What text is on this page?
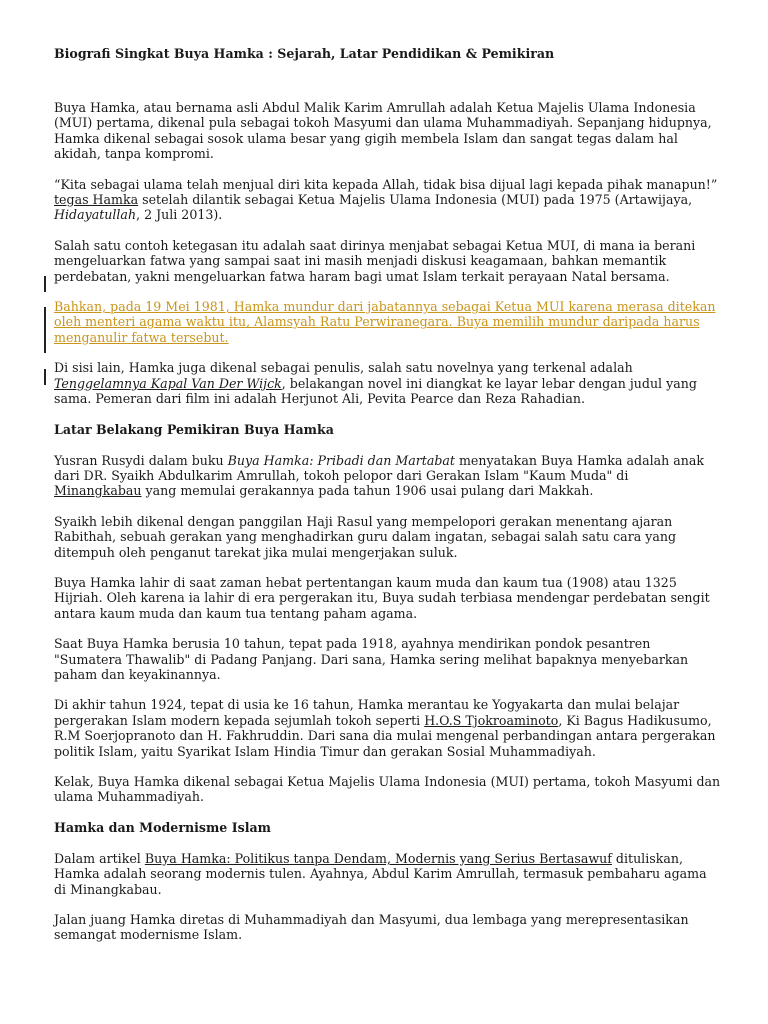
Biografi Singkat Buya Hamka : Sejarah, Latar Pendidikan & Pemikiran

Buya Hamka, atau bernama asli Abdul Malik Karim Amrullah adalah Ketua Majelis Ulama Indonesia

(MUI) pertama, dikenal pula sebagai tokoh Masyumi dan ulama Muhammadiyah. Sepanjang hidupnya,

Hamka dikenal sebagai sosok ulama besar yang gigih membela Islam dan sangat tegas dalam hal

akidah, tanpa kompromi.

“Kita sebagai ulama telah menjual diri kita kepada Allah, tidak bisa dijual lagi kepada pihak manapun!”

tegas Hamka setelah dilantik sebagai Ketua Majelis Ulama Indonesia (MUI) pada 1975 (Artawijaya,

Hidayatullah, 2 Juli 2013).

Salah satu contoh ketegasan itu adalah saat dirinya menjabat sebagai Ketua MUI, di mana ia berani

mengeluarkan fatwa yang sampai saat ini masih menjadi diskusi keagamaan, bahkan memantik

perdebatan, yakni mengeluarkan fatwa haram bagi umat Islam terkait perayaan Natal bersama.

Bahkan, pada 19 Mei 1981, Hamka mundur dari jabatannya sebagai Ketua MUI karena merasa ditekan

oleh menteri agama waktu itu, Alamsyah Ratu Perwiranegara. Buya memilih mundur daripada harus

menganulir fatwa tersebut.

Di sisi lain, Hamka juga dikenal sebagai penulis, salah satu novelnya yang terkenal adalah

Tenggelamnya Kapal Van Der Wijck, belakangan novel ini diangkat ke layar lebar dengan judul yang

sama. Pemeran dari film ini adalah Herjunot Ali, Pevita Pearce dan Reza Rahadian.

Latar Belakang Pemikiran Buya Hamka

Yusran Rusydi dalam buku Buya Hamka: Pribadi dan Martabat menyatakan Buya Hamka adalah anak

dari DR. Syaikh Abdulkarim Amrullah, tokoh pelopor dari Gerakan Islam "Kaum Muda" di

Minangkabau yang memulai gerakannya pada tahun 1906 usai pulang dari Makkah.

Syaikh lebih dikenal dengan panggilan Haji Rasul yang mempelopori gerakan menentang ajaran

Rabithah, sebuah gerakan yang menghadirkan guru dalam ingatan, sebagai salah satu cara yang

ditempuh oleh penganut tarekat jika mulai mengerjakan suluk.

Buya Hamka lahir di saat zaman hebat pertentangan kaum muda dan kaum tua (1908) atau 1325

Hijriah. Oleh karena ia lahir di era pergerakan itu, Buya sudah terbiasa mendengar perdebatan sengit

antara kaum muda dan kaum tua tentang paham agama.

Saat Buya Hamka berusia 10 tahun, tepat pada 1918, ayahnya mendirikan pondok pesantren

"Sumatera Thawalib" di Padang Panjang. Dari sana, Hamka sering melihat bapaknya menyebarkan

paham dan keyakinannya.

Di akhir tahun 1924, tepat di usia ke 16 tahun, Hamka merantau ke Yogyakarta dan mulai belajar

pergerakan Islam modern kepada sejumlah tokoh seperti H.O.S Tjokroaminoto, Ki Bagus Hadikusumo,

R.M Soerjopranoto dan H. Fakhruddin. Dari sana dia mulai mengenal perbandingan antara pergerakan

politik Islam, yaitu Syarikat Islam Hindia Timur dan gerakan Sosial Muhammadiyah.

Kelak, Buya Hamka dikenal sebagai Ketua Majelis Ulama Indonesia (MUI) pertama, tokoh Masyumi dan

ulama Muhammadiyah.

Hamka dan Modernisme Islam

Dalam artikel Buya Hamka: Politikus tanpa Dendam, Modernis yang Serius Bertasawuf dituliskan,

Hamka adalah seorang modernis tulen. Ayahnya, Abdul Karim Amrullah, termasuk pembaharu agama

di Minangkabau.

Jalan juang Hamka diretas di Muhammadiyah dan Masyumi, dua lembaga yang merepresentasikan

semangat modernisme Islam.
